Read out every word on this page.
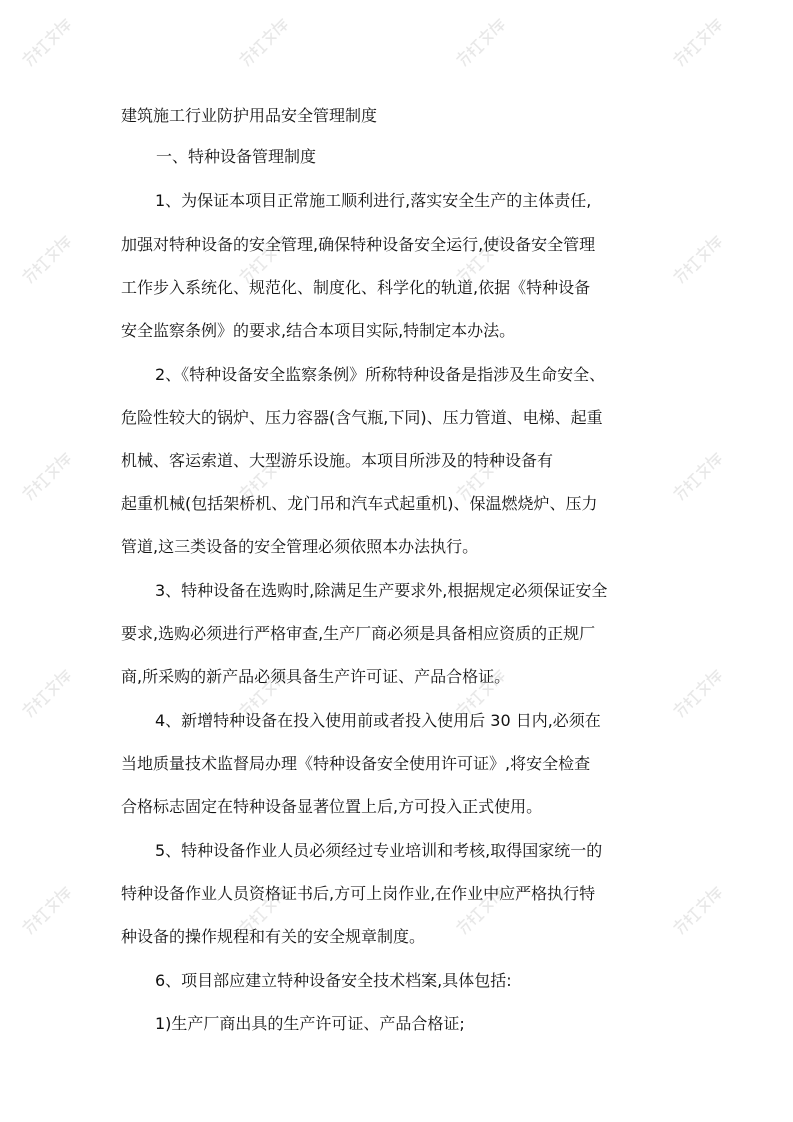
建筑施工行业防护用品安全管理制度
一、特种设备管理制度
1、为保证本项目正常施工顺利进行,落实安全生产的主体责任,
加强对特种设备的安全管理,确保特种设备安全运行,使设备安全管理
工作步入系统化、规范化、制度化、科学化的轨道,依据《特种设备
安全监察条例》的要求,结合本项目实际,特制定本办法。
2、《特种设备安全监察条例》所称特种设备是指涉及生命安全、
危险性较大的锅炉、压力容器(含气瓶,下同)、压力管道、电梯、起重
机械、客运索道、大型游乐设施。本项目所涉及的特种设备有
起重机械(包括架桥机、龙门吊和汽车式起重机)、保温燃烧炉、压力
管道,这三类设备的安全管理必须依照本办法执行。
3、特种设备在选购时,除满足生产要求外,根据规定必须保证安全
要求,选购必须进行严格审查,生产厂商必须是具备相应资质的正规厂
商,所采购的新产品必须具备生产许可证、产品合格证。
4、新增特种设备在投入使用前或者投入使用后 30 日内,必须在
当地质量技术监督局办理《特种设备安全使用许可证》,将安全检查
合格标志固定在特种设备显著位置上后,方可投入正式使用。
5、特种设备作业人员必须经过专业培训和考核,取得国家统一的
特种设备作业人员资格证书后,方可上岗作业,在作业中应严格执行特
种设备的操作规程和有关的安全规章制度。
6、项目部应建立特种设备安全技术档案,具体包括:
1)生产厂商出具的生产许可证、产品合格证;
